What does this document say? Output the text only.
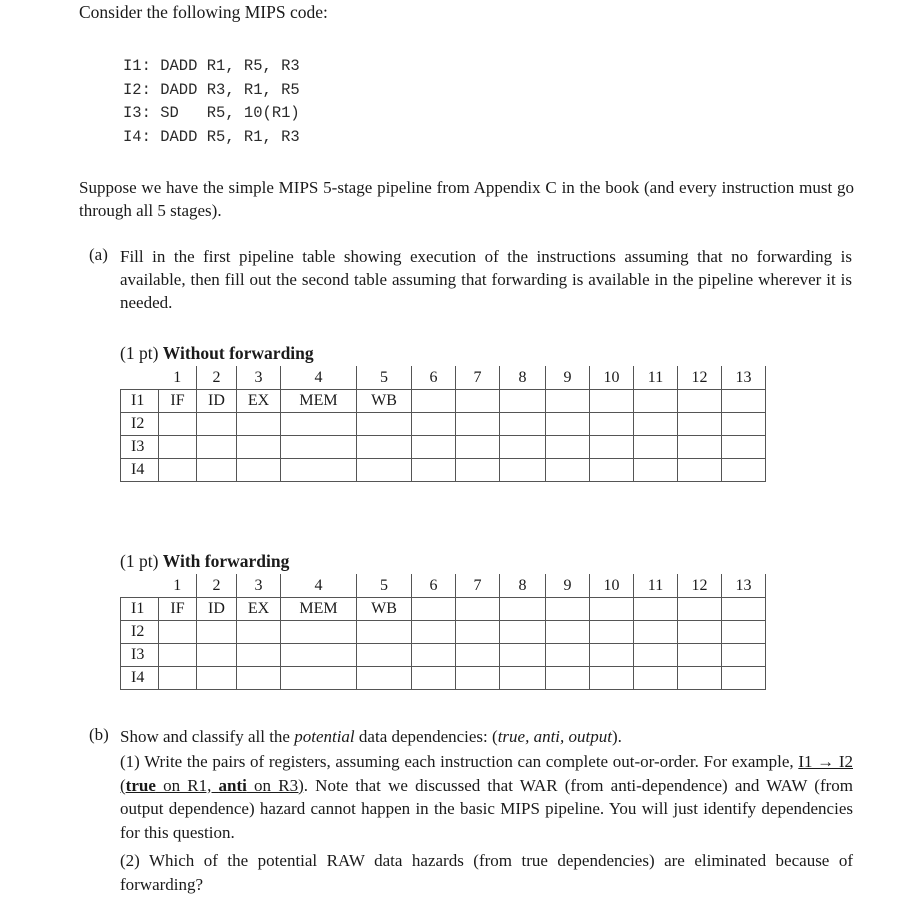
Consider the following MIPS code:
I1: DADD R1, R5, R3
I2: DADD R3, R1, R5
I3: SD   R5, 10(R1)
I4: DADD R5, R1, R3
Suppose we have the simple MIPS 5-stage pipeline from Appendix C in the book (and every instruction must go through all 5 stages).
(a) Fill in the first pipeline table showing execution of the instructions assuming that no forwarding is available, then fill out the second table assuming that forwarding is available in the pipeline wherever it is needed.
(1 pt) Without forwarding
	1	2	3	4	5	6	7	8	9	10	11	12	13
I1	IF	ID	EX	MEM	WB								
I2													
I3													
I4													
(1 pt) With forwarding
	1	2	3	4	5	6	7	8	9	10	11	12	13
I1	IF	ID	EX	MEM	WB								
I2													
I3													
I4													
(b) Show and classify all the potential data dependencies: (true, anti, output).
(1) Write the pairs of registers, assuming each instruction can complete out-or-order. For example, I1 → I2 (true on R1, anti on R3). Note that we discussed that WAR (from anti-dependence) and WAW (from output dependence) hazard cannot happen in the basic MIPS pipeline. You will just identify dependencies for this question.
(2) Which of the potential RAW data hazards (from true dependencies) are eliminated because of forwarding?
